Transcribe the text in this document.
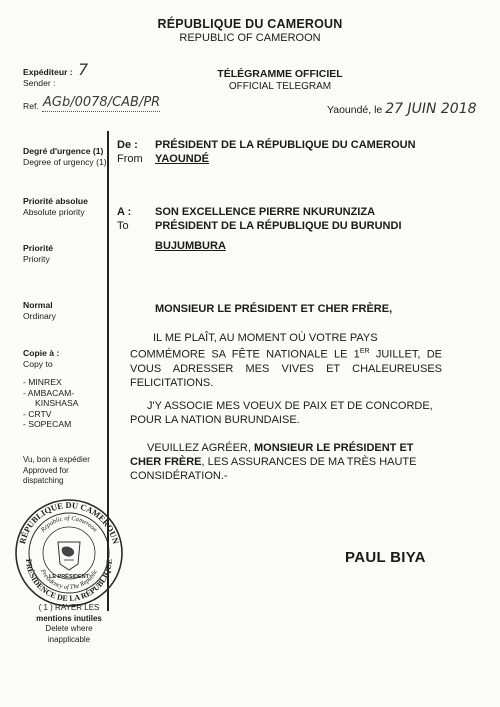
RÉPUBLIQUE DU CAMEROUN
REPUBLIC OF CAMEROON
TÉLÉGRAMME OFFICIEL
OFFICIAL TELEGRAM
Expéditeur :
Sender :
7
Ref. AGb/0078/CAB/PR	Yaoundé, le 27 JUIN 2018
Degré d'urgence (1)
Degree of urgency (1)
Priorité absolue
Absolute priority
Priorité
Priority
Normal
Ordinary
Copie à :
Copy to
- MINREX
- AMBACAM-
KINSHASA
- CRTV
- SOPECAM
Vu, bon à expédier
Approved for
dispatching
( 1 ) RAYER LES
mentions inutiles
Delete where
inapplicable
De :
From
PRÉSIDENT DE LA RÉPUBLIQUE DU CAMEROUN
YAOUNDÉ
A :
To
SON EXCELLENCE PIERRE NKURUNZIZA
PRÉSIDENT DE LA RÉPUBLIQUE DU BURUNDI
BUJUMBURA
MONSIEUR LE PRÉSIDENT ET CHER FRÈRE,
IL ME PLAÎT, AU MOMENT OÙ VOTRE PAYS
COMMÉMORE SA FÊTE NATIONALE LE 1ER JUILLET, DE
VOUS ADRESSER MES VIVES ET CHALEUREUSES
FELICITATIONS.
J'Y ASSOCIE MES VOEUX DE PAIX ET DE CONCORDE,
POUR LA NATION BURUNDAISE.
VEUILLEZ AGRÉER, MONSIEUR LE PRÉSIDENT ET
CHER FRÈRE, LES ASSURANCES DE MA TRÈS HAUTE
CONSIDÉRATION.-
PAUL BIYA
RÉPUBLIQUE DU CAMEROUN
Republic of Cameroon
Presidency of The Republic
PRÉSIDENCE DE LA RÉPUBLIQUE
LE PRÉSIDENT
